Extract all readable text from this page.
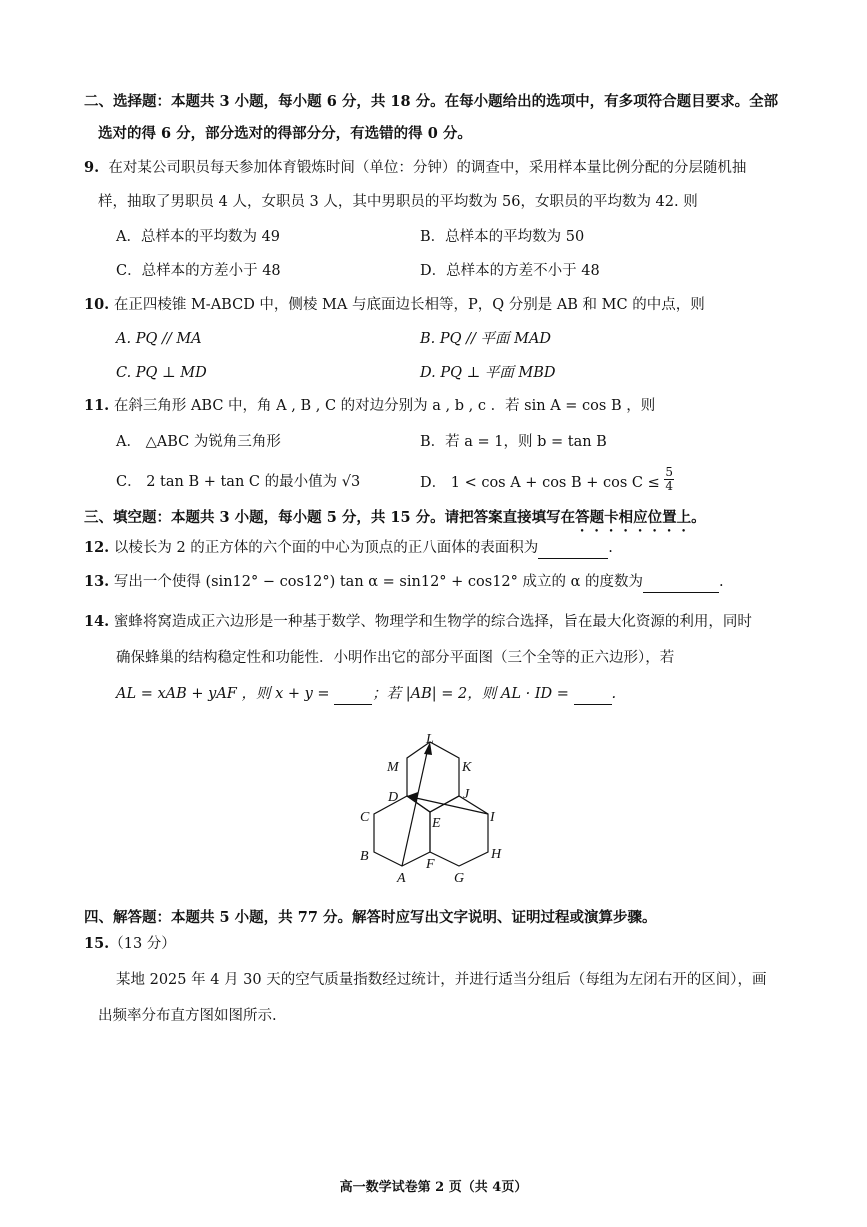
二、选择题：本题共 3 小题，每小题 6 分，共 18 分。在每小题给出的选项中，有多项符合题目要求。全部
选对的得 6 分，部分选对的得部分分，有选错的得 0 分。
9. 在对某公司职员每天参加体育锻炼时间（单位：分钟）的调查中，采用样本量比例分配的分层随机抽
样，抽取了男职员 4 人，女职员 3 人，其中男职员的平均数为 56，女职员的平均数为 42. 则
A．总样本的平均数为 49	B．总样本的平均数为 50
C．总样本的方差小于 48	D．总样本的方差不小于 48
10. 在正四棱锥 M-ABCD 中，侧棱 MA 与底面边长相等，P，Q 分别是 AB 和 MC 的中点，则
A. PQ // MA	B. PQ // 平面 MAD
C. PQ ⊥ MD	D. PQ ⊥ 平面 MBD
11. 在斜三角形 ABC 中，角 A , B , C 的对边分别为 a , b , c ．若 sin A = cos B ，则
A． △ABC 为锐角三角形	B．若 a = 1，则 b = tan B
C． 2 tan B + tan C 的最小值为 √3	D． $1 < \cos A + \cos B + \cos C \le \frac{5}{4}$
三、填空题：本题共 3 小题，每小题 5 分，共 15 分。请把答案直接填写在答题卡相应位置上。
12. 以棱长为 2 的正方体的六个面的中心为顶点的正八面体的表面积为	.
13. 写出一个使得 (sin12° − cos12°) tan α = sin12° + cos12° 成立的 α 的度数为	.
14. 蜜蜂将窝造成正六边形是一种基于数学、物理学和生物学的综合选择，旨在最大化资源的利用，同时
确保蜂巢的结构稳定性和功能性．小明作出它的部分平面图（三个全等的正六边形），若
AL = xAB + yAF ，则 x + y =	；若 |AB| = 2，则 AL · ID =	.
L
M	K
D	J
C	E	I
B
F
H
A	G
四、解答题：本题共 5 小题，共 77 分。解答时应写出文字说明、证明过程或演算步骤。
15.（13 分）
某地 2025 年 4 月 30 天的空气质量指数经过统计，并进行适当分组后（每组为左闭右开的区间），画
出频率分布直方图如图所示.
高一数学试卷第 2 页（共 4页）
